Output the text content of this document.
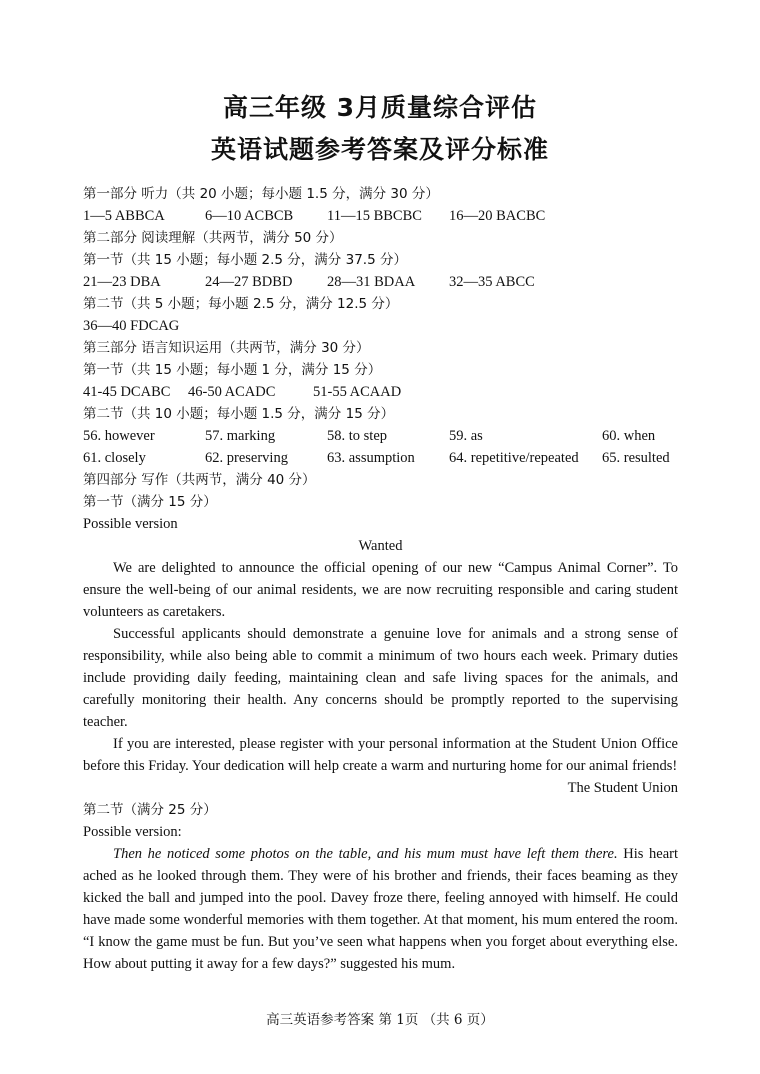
高三年级 3月质量综合评估
英语试题参考答案及评分标准
第一部分 听力（共 20 小题；每小题 1.5 分，满分 30 分）
1—5 ABBCA	6—10 ACBCB 11—15 BBCBC 16—20 BACBC
第二部分 阅读理解（共两节，满分 50 分）
第一节（共 15 小题；每小题 2.5 分，满分 37.5 分）
21—23 DBA	24—27 BDBD 28—31 BDAA 32—35 ABCC
第二节（共 5 小题；每小题 2.5 分，满分 12.5 分）
36—40 FDCAG
第三部分 语言知识运用（共两节，满分 30 分）
第一节（共 15 小题；每小题 1 分，满分 15 分）
41-45 DCABC 46-50 ACADC	51-55 ACAAD
第二节（共 10 小题；每小题 1.5 分，满分 15 分）
56. however	57. marking	58. to step	59. as	60. when
61. closely	62. preserving	63. assumption	64. repetitive/repeated	65. resulted
第四部分 写作（共两节，满分 40 分）
第一节（满分 15 分）
Possible version
Wanted

We are delighted to announce the official opening of our new “Campus Animal Corner”. To ensure the well-being of our animal residents, we are now recruiting responsible and caring student volunteers as caretakers.

Successful applicants should demonstrate a genuine love for animals and a strong sense of responsibility, while also being able to commit a minimum of two hours each week. Primary duties include providing daily feeding, maintaining clean and safe living spaces for the animals, and carefully monitoring their health. Any concerns should be promptly reported to the supervising teacher.

If you are interested, please register with your personal information at the Student Union Office before this Friday. Your dedication will help create a warm and nurturing home for our animal friends!

The Student Union
第二节（满分 25 分）
Possible version:

Then he noticed some photos on the table, and his mum must have left them there. His heart ached as he looked through them. They were of his brother and friends, their faces beaming as they kicked the ball and jumped into the pool. Davey froze there, feeling annoyed with himself. He could have made some wonderful memories with them together. At that moment, his mum entered the room. “I know the game must be fun. But you’ve seen what happens when you forget about everything else. How about putting it away for a few days?” suggested his mum.

高三英语参考答案 第 1页 （共 6 页）
